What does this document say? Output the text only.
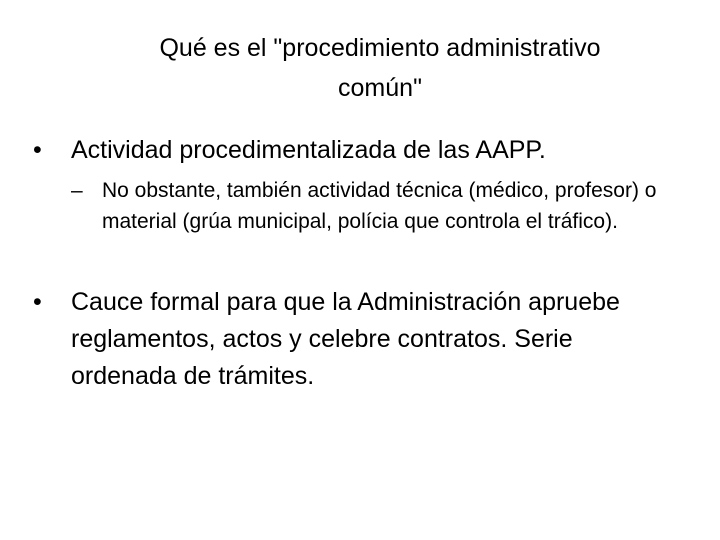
Qué es el "procedimiento administrativo
común"
• Actividad procedimentalizada de las AAPP.
– No obstante, también actividad técnica (médico, profesor) o material (grúa municipal, polícia que controla el tráfico).
• Cauce formal para que la Administración apruebe reglamentos, actos y celebre contratos. Serie ordenada de trámites.
